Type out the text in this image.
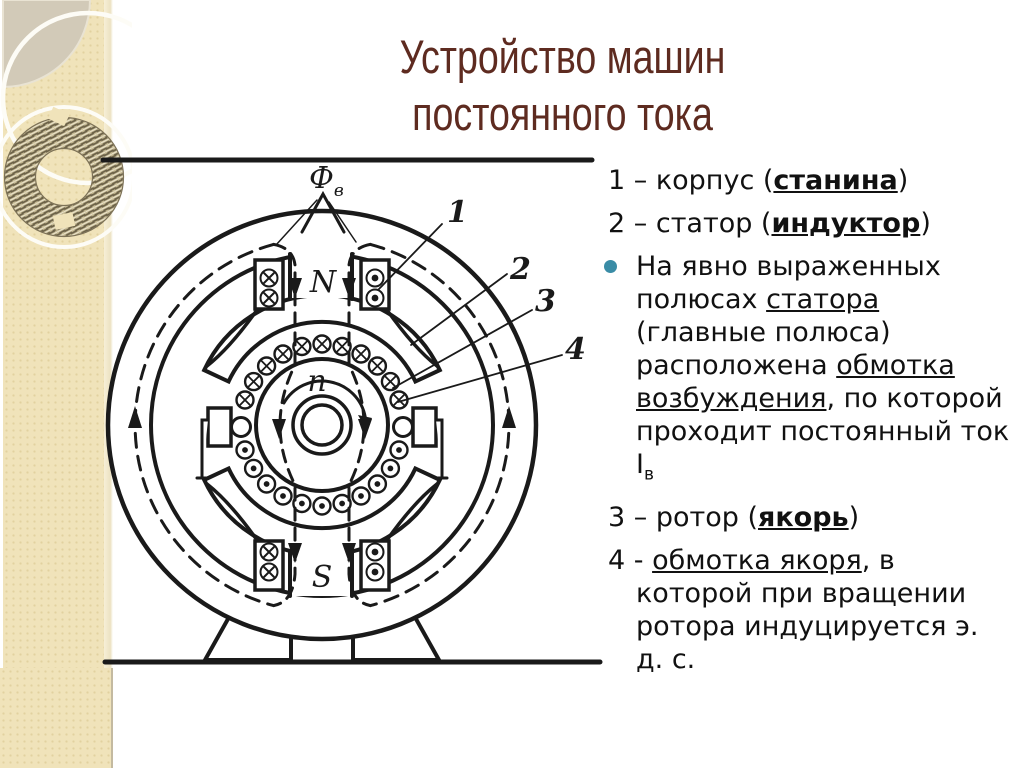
Устройство машин
постоянного тока
$Ф_в$
N
S
n
1
2
3
4
1 – корпус (станина)
2 – статор (индуктор)
На явно выраженных полюсах статора (главные полюса) расположена обмотка возбуждения, по которой проходит постоянный ток $I_в$
3 – ротор (якорь)
4 - обмотка якоря, в которой при вращении ротора индуцируется э. д. с.
